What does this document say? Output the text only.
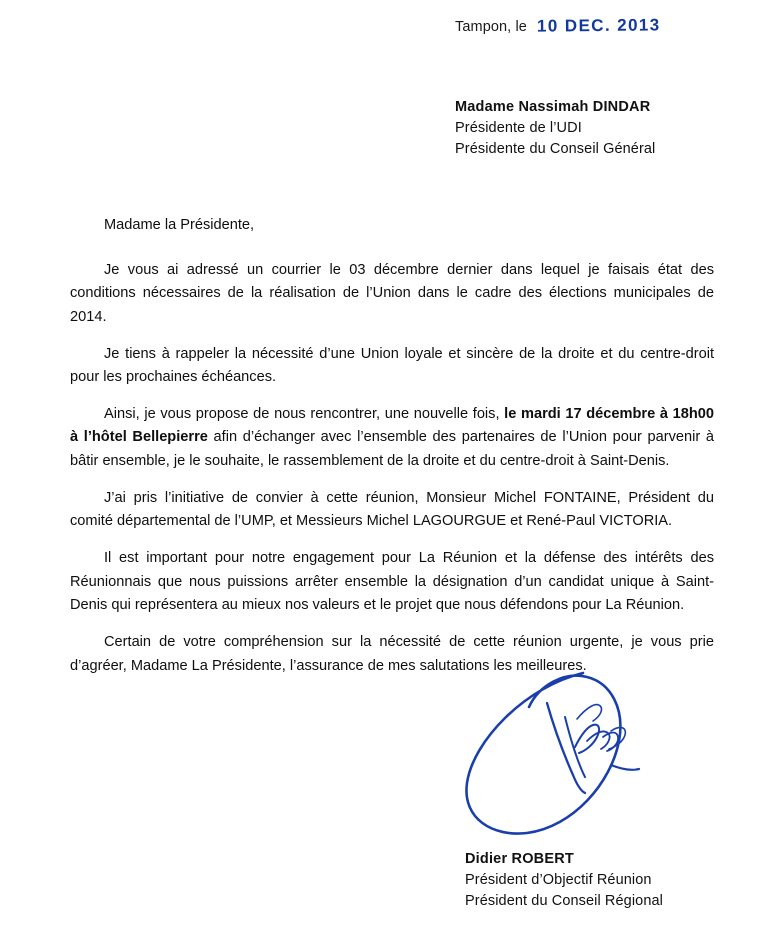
Tampon, le 10 DEC. 2013
Madame Nassimah DINDAR
Présidente de l’UDI
Présidente du Conseil Général

Madame la Présidente,

Je vous ai adressé un courrier le 03 décembre dernier dans lequel je faisais état des conditions nécessaires de la réalisation de l’Union dans le cadre des élections municipales de 2014.

Je tiens à rappeler la nécessité d’une Union loyale et sincère de la droite et du centre-droit pour les prochaines échéances.

Ainsi, je vous propose de nous rencontrer, une nouvelle fois, le mardi 17 décembre à 18h00 à l’hôtel Bellepierre afin d’échanger avec l’ensemble des partenaires de l’Union pour parvenir à bâtir ensemble, je le souhaite, le rassemblement de la droite et du centre-droit à Saint-Denis.

J’ai pris l’initiative de convier à cette réunion, Monsieur Michel FONTAINE, Président du comité départemental de l’UMP, et Messieurs Michel LAGOURGUE et René-Paul VICTORIA.

Il est important pour notre engagement pour La Réunion et la défense des intérêts des Réunionnais que nous puissions arrêter ensemble la désignation d’un candidat unique à Saint-Denis qui représentera au mieux nos valeurs et le projet que nous défendons pour La Réunion.

Certain de votre compréhension sur la nécessité de cette réunion urgente, je vous prie d’agréer, Madame La Présidente, l’assurance de mes salutations les meilleures.

Didier ROBERT
Président d’Objectif Réunion
Président du Conseil Régional
